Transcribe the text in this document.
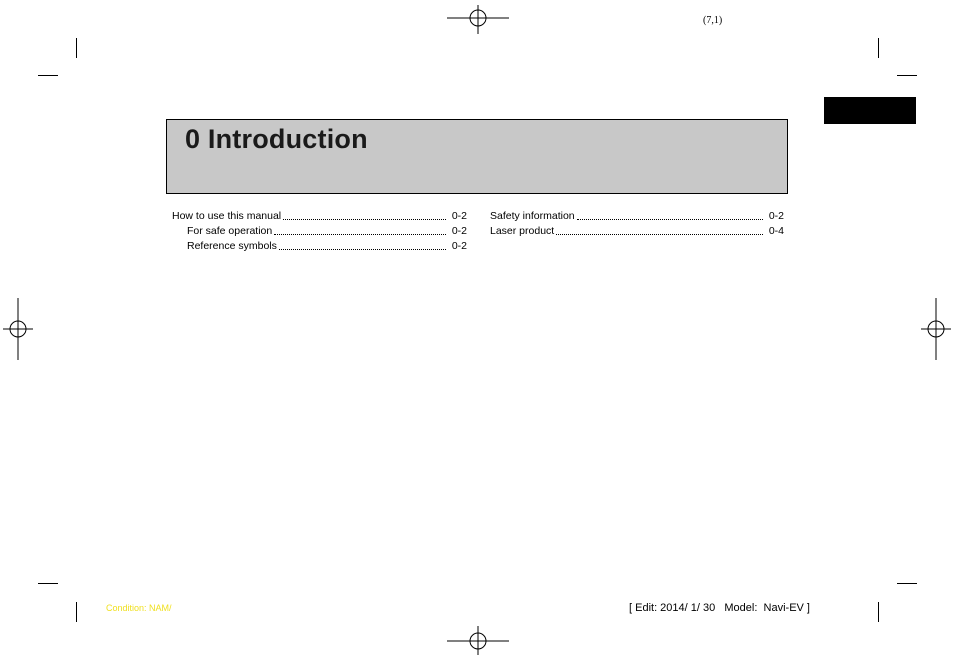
(7,1)
0 Introduction
How to use this manual	0-2
For safe operation	0-2
Reference symbols	0-2
Safety information	0-2
Laser product	0-4
Condition: NAM/	[ Edit: 2014/ 1/ 30   Model:  Navi-EV ]
